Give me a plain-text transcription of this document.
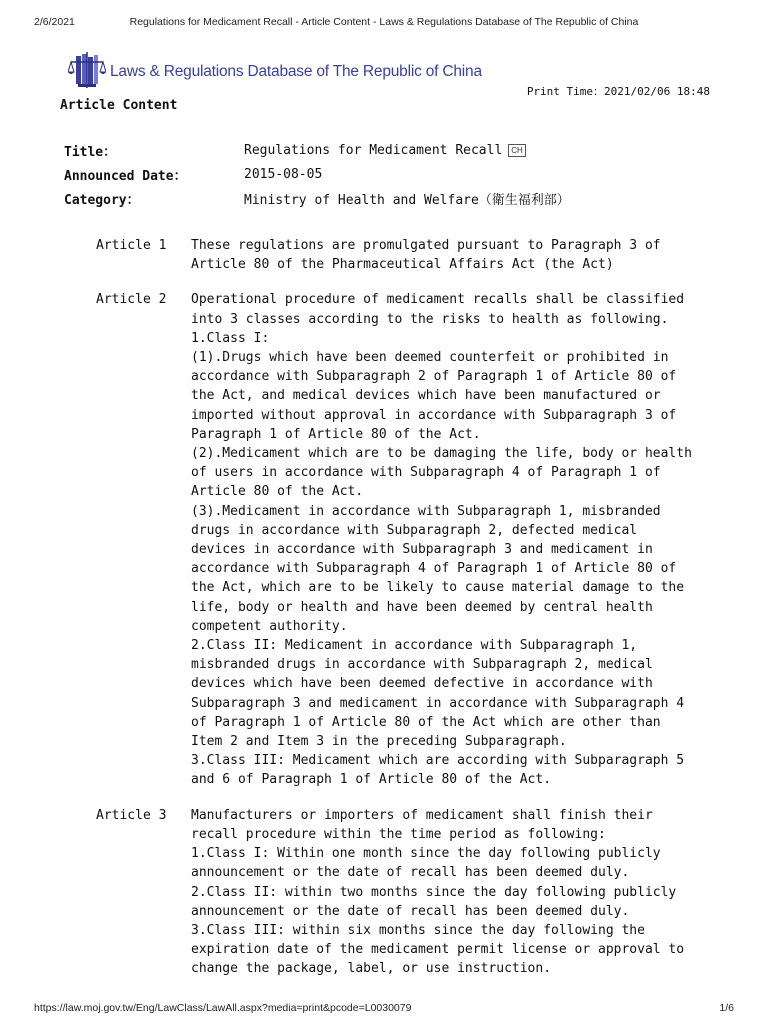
2/6/2021	Regulations for Medicament Recall - Article Content - Laws & Regulations Database of The Republic of China
Laws & Regulations Database of The Republic of China
Print Time：2021/02/06 18:48
Article Content
Title：	Regulations for Medicament Recall CH
Announced Date：	2015-08-05
Category：	Ministry of Health and Welfare（衛生福利部）
Article 1	These regulations are promulgated pursuant to Paragraph 3 of
Article 80 of the Pharmaceutical Affairs Act (the Act)
Article 2	Operational procedure of medicament recalls shall be classified
into 3 classes according to the risks to health as following.
1.Class I:
(1).Drugs which have been deemed counterfeit or prohibited in
accordance with Subparagraph 2 of Paragraph 1 of Article 80 of
the Act, and medical devices which have been manufactured or
imported without approval in accordance with Subparagraph 3 of
Paragraph 1 of Article 80 of the Act.
(2).Medicament which are to be damaging the life, body or health
of users in accordance with Subparagraph 4 of Paragraph 1 of
Article 80 of the Act.
(3).Medicament in accordance with Subparagraph 1, misbranded
drugs in accordance with Subparagraph 2, defected medical
devices in accordance with Subparagraph 3 and medicament in
accordance with Subparagraph 4 of Paragraph 1 of Article 80 of
the Act, which are to be likely to cause material damage to the
life, body or health and have been deemed by central health
competent authority.
2.Class II: Medicament in accordance with Subparagraph 1,
misbranded drugs in accordance with Subparagraph 2, medical
devices which have been deemed defective in accordance with
Subparagraph 3 and medicament in accordance with Subparagraph 4
of Paragraph 1 of Article 80 of the Act which are other than
Item 2 and Item 3 in the preceding Subparagraph.
3.Class III: Medicament which are according with Subparagraph 5
and 6 of Paragraph 1 of Article 80 of the Act.
Article 3	Manufacturers or importers of medicament shall finish their
recall procedure within the time period as following:
1.Class I: Within one month since the day following publicly
announcement or the date of recall has been deemed duly.
2.Class II: within two months since the day following publicly
announcement or the date of recall has been deemed duly.
3.Class III: within six months since the day following the
expiration date of the medicament permit license or approval to
change the package, label, or use instruction.
https://law.moj.gov.tw/Eng/LawClass/LawAll.aspx?media=print&pcode=L0030079	1/6
